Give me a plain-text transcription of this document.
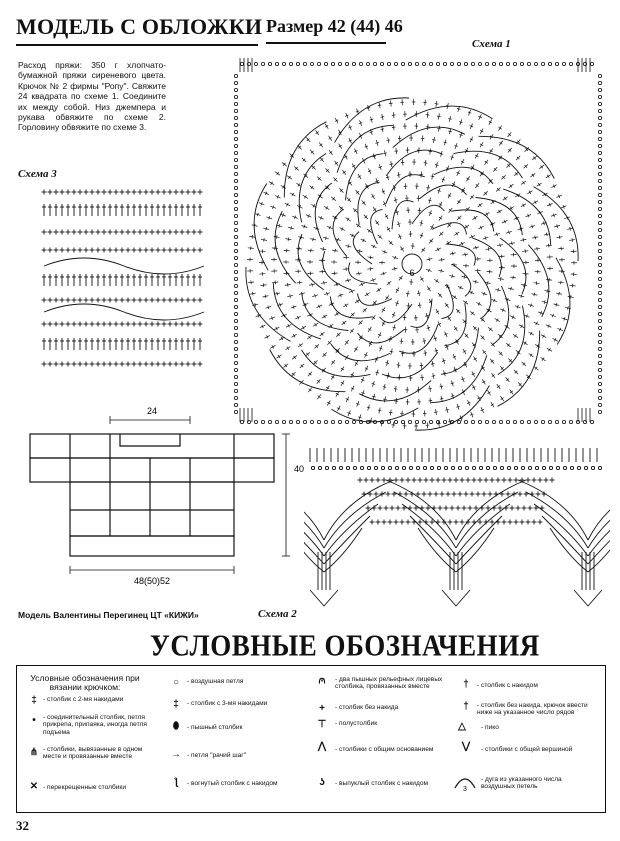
МОДЕЛЬ С ОБЛОЖКИ Размер 42 (44) 46
Расход пряжи: 350 г хлопчато-бумажной пряжи сиреневого цвета. Крючок № 2 фирмы "Ропу". Свяжите 24 квадрата по схеме 1. Соедините их между собой. Низ джемпера и рукава обвяжите по схеме 2. Горловину обвяжите по схеме 3.
Схема 1
Схема 3
Схема 2
6
24
48(50)52
40
Модель Валентины Перегинец ЦТ «КИЖИ»
УСЛОВНЫЕ ОБОЗНАЧЕНИЯ
Условные обозначения при вязании крючком:
‡ - столбик с 2-мя накидами
•	- соединительный столбик, петля прикрепа, припаяка, иногда петля подъема
⋔ - столбики, вывязанные в одном месте и провязанные вместе
✕ - перекрещенные столбики
○	- воздушная петля
‡	- столбик с 3-мя накидами
⬮	- пышный столбик
→ - петля "рачий шаг"
ƪ	- вогнутый столбик с накидом
⩀	- два пышных рельефных лицевых столбика, провязанных вместе
+	- столбик без накида
⊤	- полустолбик
⋀	- столбики с общим основанием
ʖ	- выпуклый столбик с накидом
†	- столбик с накидом
†	- столбик без накида, крючок ввести ниже на указанное число рядов
△	- пико
⋁	- столбики с общей вершиной
3
- дуга из указанного числа воздушных петель
32
